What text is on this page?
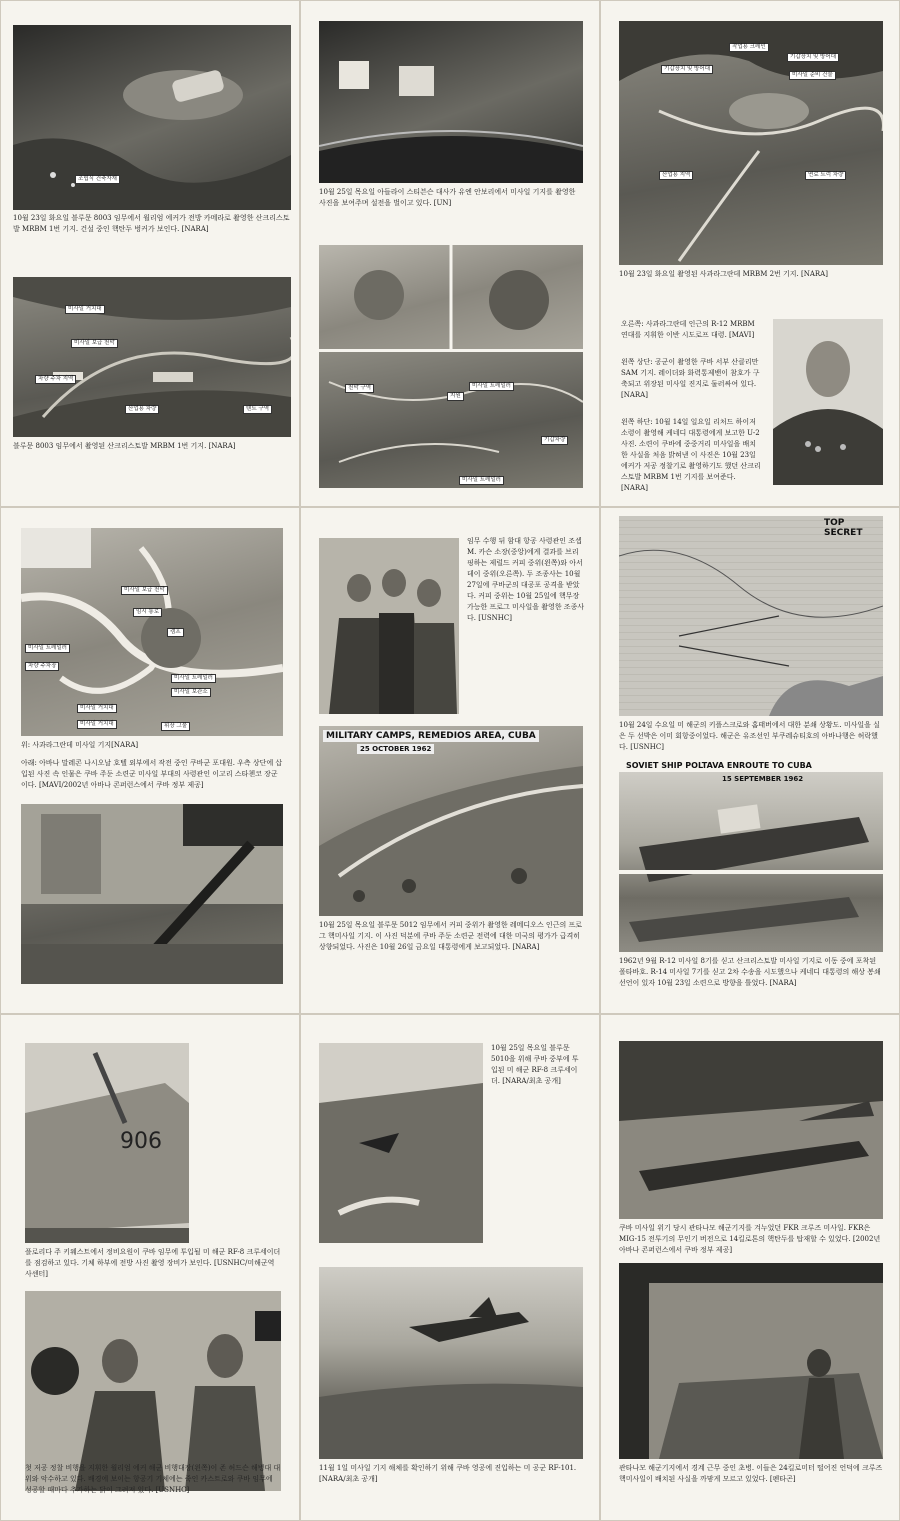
조립식 건축자재
10월 23일 화요일 블루문 8003 임무에서 윌리엄 에커가 전방 카메라로 촬영한 산크리스토발 MRBM 1번 기지. 건설 중인 핵탄두 벙커가 보인다. [NARA]
미사일 거치대
미사일 보급 천막
차량 주차 지역
산업용 차량	텐트 구역
블루문 8003 임무에서 촬영된 산크리스토발 MRBM 1번 기지. [NARA]
10월 25일 목요일 아들라이 스티븐슨 대사가 유엔 안보리에서 미사일 기지를 촬영한 사진을 보여주며 설전을 벌이고 있다. [UN]
미사일 트레일러
지원
천막 구역
기갑차량
미사일 트레일러
작업용 크레인
기갑장치 및 방어대
기갑장치 및 방어대
미사일 준비 건물
산업용 지역	연료 트럭 차량
10월 23일 화요일 촬영된 사과라그란데 MRBM 2번 기지. [NARA]
오른쪽: 사과라그란데 인근의 R-12 MRBM 연대를 지휘한 이반 시도로프 대령. [MAVI]
왼쪽 상단: 공군이 촬영한 쿠바 서부 산클리만 SAM 기지. 레이더와 화력통제밴이 참호가 구축되고 위장된 미사일 진지로 둘러싸여 있다. [NARA]
왼쪽 하단: 10월 14일 일요일 리처드 하이저 소령이 촬영해 케네디 대통령에게 보고한 U-2 사진. 소련이 쿠바에 중중거리 미사일을 배치한 사실을 처음 밝혀낸 이 사진은 10월 23일 에커가 저공 정찰기로 촬영하기도 했던 산크리스토발 MRBM 1번 기지를 보여준다. [NARA]
미사일 보급 천막
임시 통로
미사일 트레일러
캠프
차량 주차장
미사일 트레일러
미사일 보관소
미사일 거치대
미사일 거치대	위장 그물
위: 사과라그란데 미사일 기지[NARA]
아래: 아바나 말레콘 나시오날 호텔 외부에서 작전 중인 쿠바군 포대원. 우측 상단에 삽입된 사진 속 인물은 쿠바 주둔 소련군 미사일 부대의 사령관인 이고리 스타첸코 장군이다. [MAVI/2002년 아바나 콘퍼런스에서 쿠바 정부 제공]
임무 수행 뒤 함대 항공 사령관인 조셉 M. 카슨 소장(중앙)에게 결과를 브리핑하는 제럴드 커피 중위(왼쪽)와 아서 데이 중위(오른쪽). 두 조종사는 10월 27일에 쿠바군의 대공포 공격을 받았다. 커피 중위는 10월 25일에 핵무장 가능한 프로그 미사일을 촬영한 조종사다. [USNHC]
MILITARY CAMPS, REMEDIOS AREA, CUBA
25 OCTOBER 1962
10월 25일 목요일 블루문 5012 임무에서 커피 중위가 촬영한 레메디오스 인근의 프로그 핵미사일 기지. 이 사진 덕분에 쿠바 주둔 소련군 전력에 대한 미국의 평가가 급격히 상향되었다. 사진은 10월 26일 금요일 대통령에게 보고되었다. [NARA]
TOP SECRET
10월 24일 수요일 미 해군의 키플스크로와 홈태버에서 대한 분쇄 상황도. 미사일을 실은 두 선박은 이미 회항중이었다. 해군은 유조선인 부쿠레슈티호의 아바나행은 허락했다. [USNHC]
SOVIET SHIP POLTAVA ENROUTE TO CUBA
15 SEPTEMBER 1962
1962년 9월 R-12 미사일 8기를 싣고 산크리스토발 미사일 기지로 이동 중에 포착된 폴타바호. R-14 미사일 7기를 싣고 2차 수송을 시도했으나 케네디 대통령의 해상 봉쇄 선언이 있자 10월 23일 소련으로 방향을 틀었다. [NARA]
906
플로리다 주 키웨스트에서 정비요원이 쿠바 임무에 투입될 미 해군 RF-8 크루세이더를 점검하고 있다. 기체 하부에 전방 사진 촬영 장비가 보인다. [USNHC/미해군역사센터]
첫 저공 정찰 비행을 지휘한 윌리엄 에커 해군 비행대장(왼쪽)이 존 허드슨 해병대 대위와 악수하고 있다. 배경에 보이는 항공기 기체에는 죽인 카스트로와 쿠바 임무에 성공할 때마다 추가하는 닭이 그려져 있다. [USNHC]
10월 25일 목요일 블루문 5010을 위해 쿠바 중부에 투입된 미 해군 RF-8 크루세이더. [NARA/최초 공개]
11월 1일 미사일 기지 해체를 확인하기 위해 쿠바 영공에 진입하는 미 공군 RF-101. [NARA/최초 공개]
쿠바 미사일 위기 당시 관타나모 해군기지를 겨누었던 FKR 크루즈 미사일. FKR은 MIG-15 전투기의 무인기 버전으로 14킬로톤의 핵탄두를 탑재할 수 있었다. [2002년 아바나 콘퍼런스에서 쿠바 정부 제공]
관타나모 해군기지에서 경계 근무 중인 초병. 이들은 24킬로미터 떨어진 언덕에 크루즈 핵미사일이 배치된 사실을 까맣게 모르고 있었다. [펜타곤]
